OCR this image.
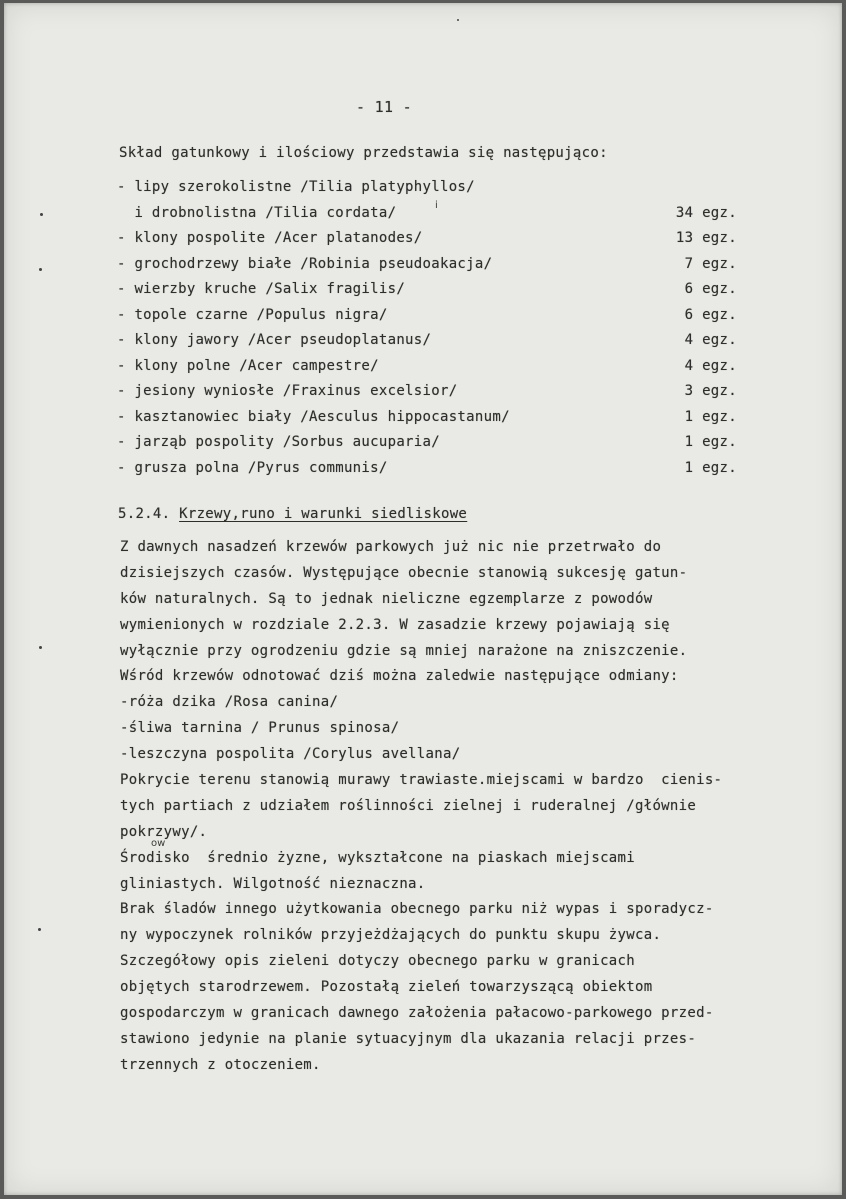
- 11 -
Skład gatunkowy i ilościowy przedstawia się następująco:
- lipy szerokolistne /Tilia platyphyllos/
i drobnolistna /Tilia cordata/	34 egz.
- klony pospolite /Acer platanodes/	13 egz.
- grochodrzewy białe /Robinia pseudoakacja/	7 egz.
- wierzby kruche /Salix fragilis/	6 egz.
- topole czarne /Populus nigra/	6 egz.
- klony jawory /Acer pseudoplatanus/	4 egz.
- klony polne /Acer campestre/	4 egz.
- jesiony wyniosłe /Fraxinus excelsior/	3 egz.
- kasztanowiec biały /Aesculus hippocastanum/	1 egz.
- jarząb pospolity /Sorbus aucuparia/	1 egz.
- grusza polna /Pyrus communis/	1 egz.
5.2.4. Krzewy,runo i warunki siedliskowe
Z dawnych nasadzeń krzewów parkowych już nic nie przetrwało do
dzisiejszych czasów. Występujące obecnie stanowią sukcesję gatun-
ków naturalnych. Są to jednak nieliczne egzemplarze z powodów
wymienionych w rozdziale 2.2.3. W zasadzie krzewy pojawiają się
wyłącznie przy ogrodzeniu gdzie są mniej narażone na zniszczenie.
Wśród krzewów odnotować dziś można zaledwie następujące odmiany:
-róża dzika /Rosa canina/
-śliwa tarnina / Prunus spinosa/
-leszczyna pospolita /Corylus avellana/
Pokrycie terenu stanowią murawy trawiaste.miejscami w bardzo  cienis-
tych partiach z udziałem roślinności zielnej i ruderalnej /głównie
pokrzywy/.
Środisko  średnio żyzne, wykształcone na piaskach miejscami
gliniastych. Wilgotność nieznaczna.
Brak śladów innego użytkowania obecnego parku niż wypas i sporadycz-
ny wypoczynek rolników przyjeżdżających do punktu skupu żywca.
Szczegółowy opis zieleni dotyczy obecnego parku w granicach
objętych starodrzewem. Pozostałą zieleń towarzyszącą obiektom
gospodarczym w granicach dawnego założenia pałacowo-parkowego przed-
stawiono jedynie na planie sytuacyjnym dla ukazania relacji przes-
trzennych z otoczeniem.
ow
i
